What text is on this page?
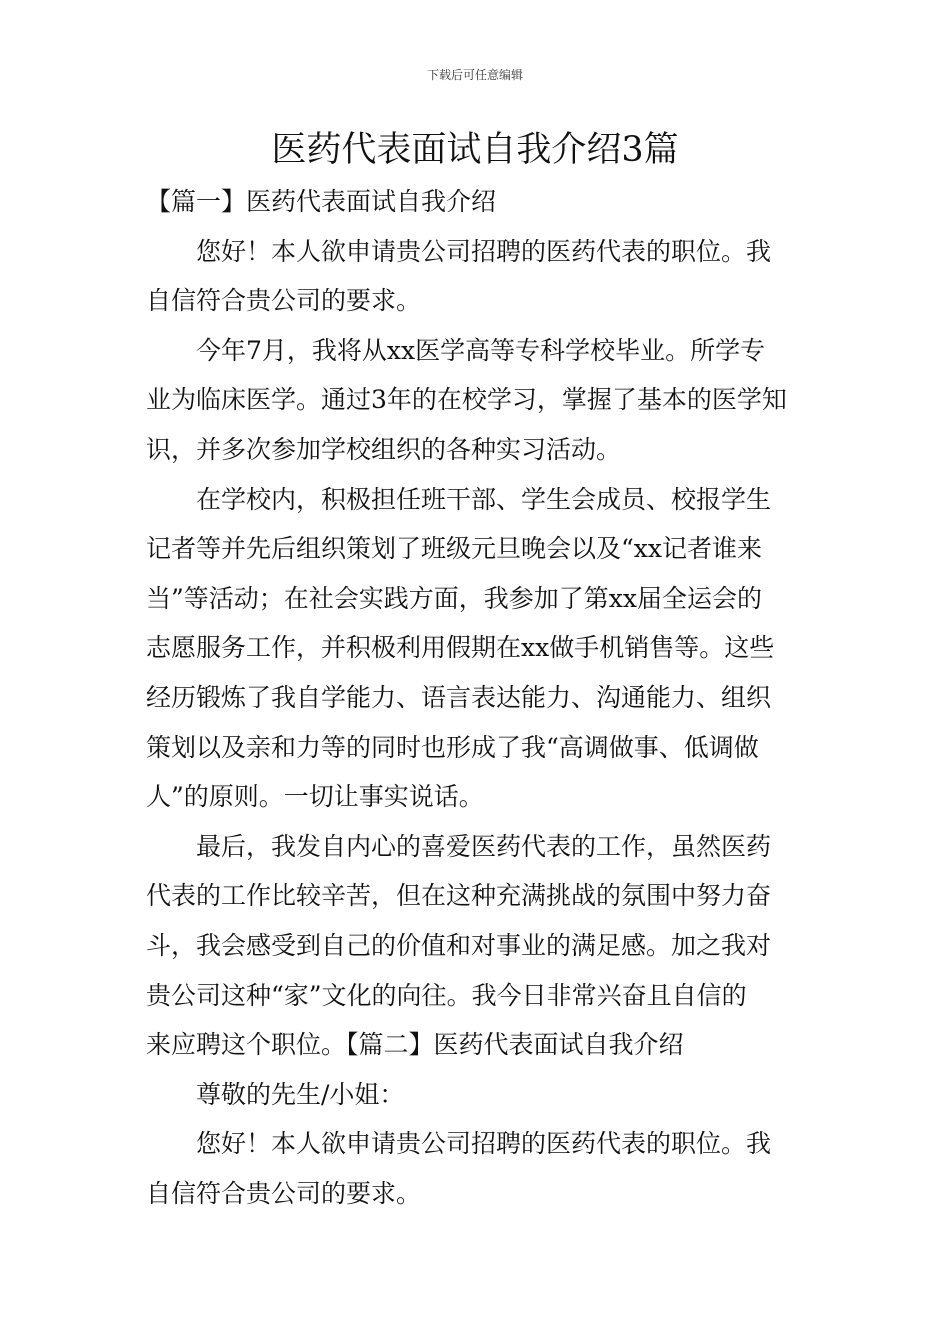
下载后可任意编辑
医药代表面试自我介绍3篇
【篇一】医药代表面试自我介绍
您好！本人欲申请贵公司招聘的医药代表的职位。我
自信符合贵公司的要求。
今年7月，我将从xx医学高等专科学校毕业。所学专
业为临床医学。通过3年的在校学习，掌握了基本的医学知
识，并多次参加学校组织的各种实习活动。
在学校内，积极担任班干部、学生会成员、校报学生
记者等并先后组织策划了班级元旦晚会以及“xx记者谁来
当”等活动；在社会实践方面，我参加了第xx届全运会的
志愿服务工作，并积极利用假期在xx做手机销售等。这些
经历锻炼了我自学能力、语言表达能力、沟通能力、组织
策划以及亲和力等的同时也形成了我“高调做事、低调做
人”的原则。一切让事实说话。
最后，我发自内心的喜爱医药代表的工作，虽然医药
代表的工作比较辛苦，但在这种充满挑战的氛围中努力奋
斗，我会感受到自己的价值和对事业的满足感。加之我对
贵公司这种“家”文化的向往。我今日非常兴奋且自信的
来应聘这个职位。【篇二】医药代表面试自我介绍
尊敬的先生/小姐：
您好！本人欲申请贵公司招聘的医药代表的职位。我
自信符合贵公司的要求。
